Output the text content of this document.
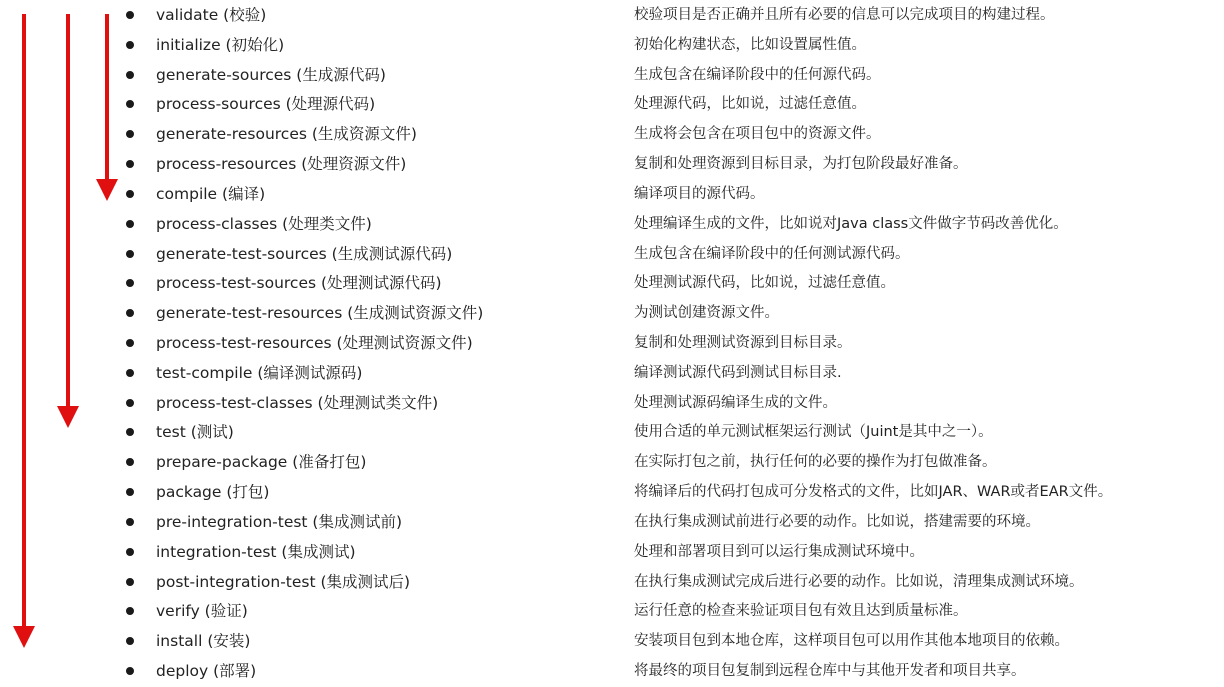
validate (校验)	校验项目是否正确并且所有必要的信息可以完成项目的构建过程。
initialize (初始化)	初始化构建状态，比如设置属性值。
generate-sources (生成源代码)	生成包含在编译阶段中的任何源代码。
process-sources (处理源代码)	处理源代码，比如说，过滤任意值。
generate-resources (生成资源文件)	生成将会包含在项目包中的资源文件。
process-resources (处理资源文件)	复制和处理资源到目标目录，为打包阶段最好准备。
compile (编译)	编译项目的源代码。
process-classes (处理类文件)	处理编译生成的文件，比如说对Java class文件做字节码改善优化。
generate-test-sources (生成测试源代码)	生成包含在编译阶段中的任何测试源代码。
process-test-sources (处理测试源代码)	处理测试源代码，比如说，过滤任意值。
generate-test-resources (生成测试资源文件)	为测试创建资源文件。
process-test-resources (处理测试资源文件)	复制和处理测试资源到目标目录。
test-compile (编译测试源码)	编译测试源代码到测试目标目录.
process-test-classes (处理测试类文件)	处理测试源码编译生成的文件。
test (测试)	使用合适的单元测试框架运行测试（Juint是其中之一）。
prepare-package (准备打包)	在实际打包之前，执行任何的必要的操作为打包做准备。
package (打包)	将编译后的代码打包成可分发格式的文件，比如JAR、WAR或者EAR文件。
pre-integration-test (集成测试前)	在执行集成测试前进行必要的动作。比如说，搭建需要的环境。
integration-test (集成测试)	处理和部署项目到可以运行集成测试环境中。
post-integration-test (集成测试后)	在执行集成测试完成后进行必要的动作。比如说，清理集成测试环境。
verify (验证)	运行任意的检查来验证项目包有效且达到质量标准。
install (安装)	安装项目包到本地仓库，这样项目包可以用作其他本地项目的依赖。
deploy (部署)	将最终的项目包复制到远程仓库中与其他开发者和项目共享。
